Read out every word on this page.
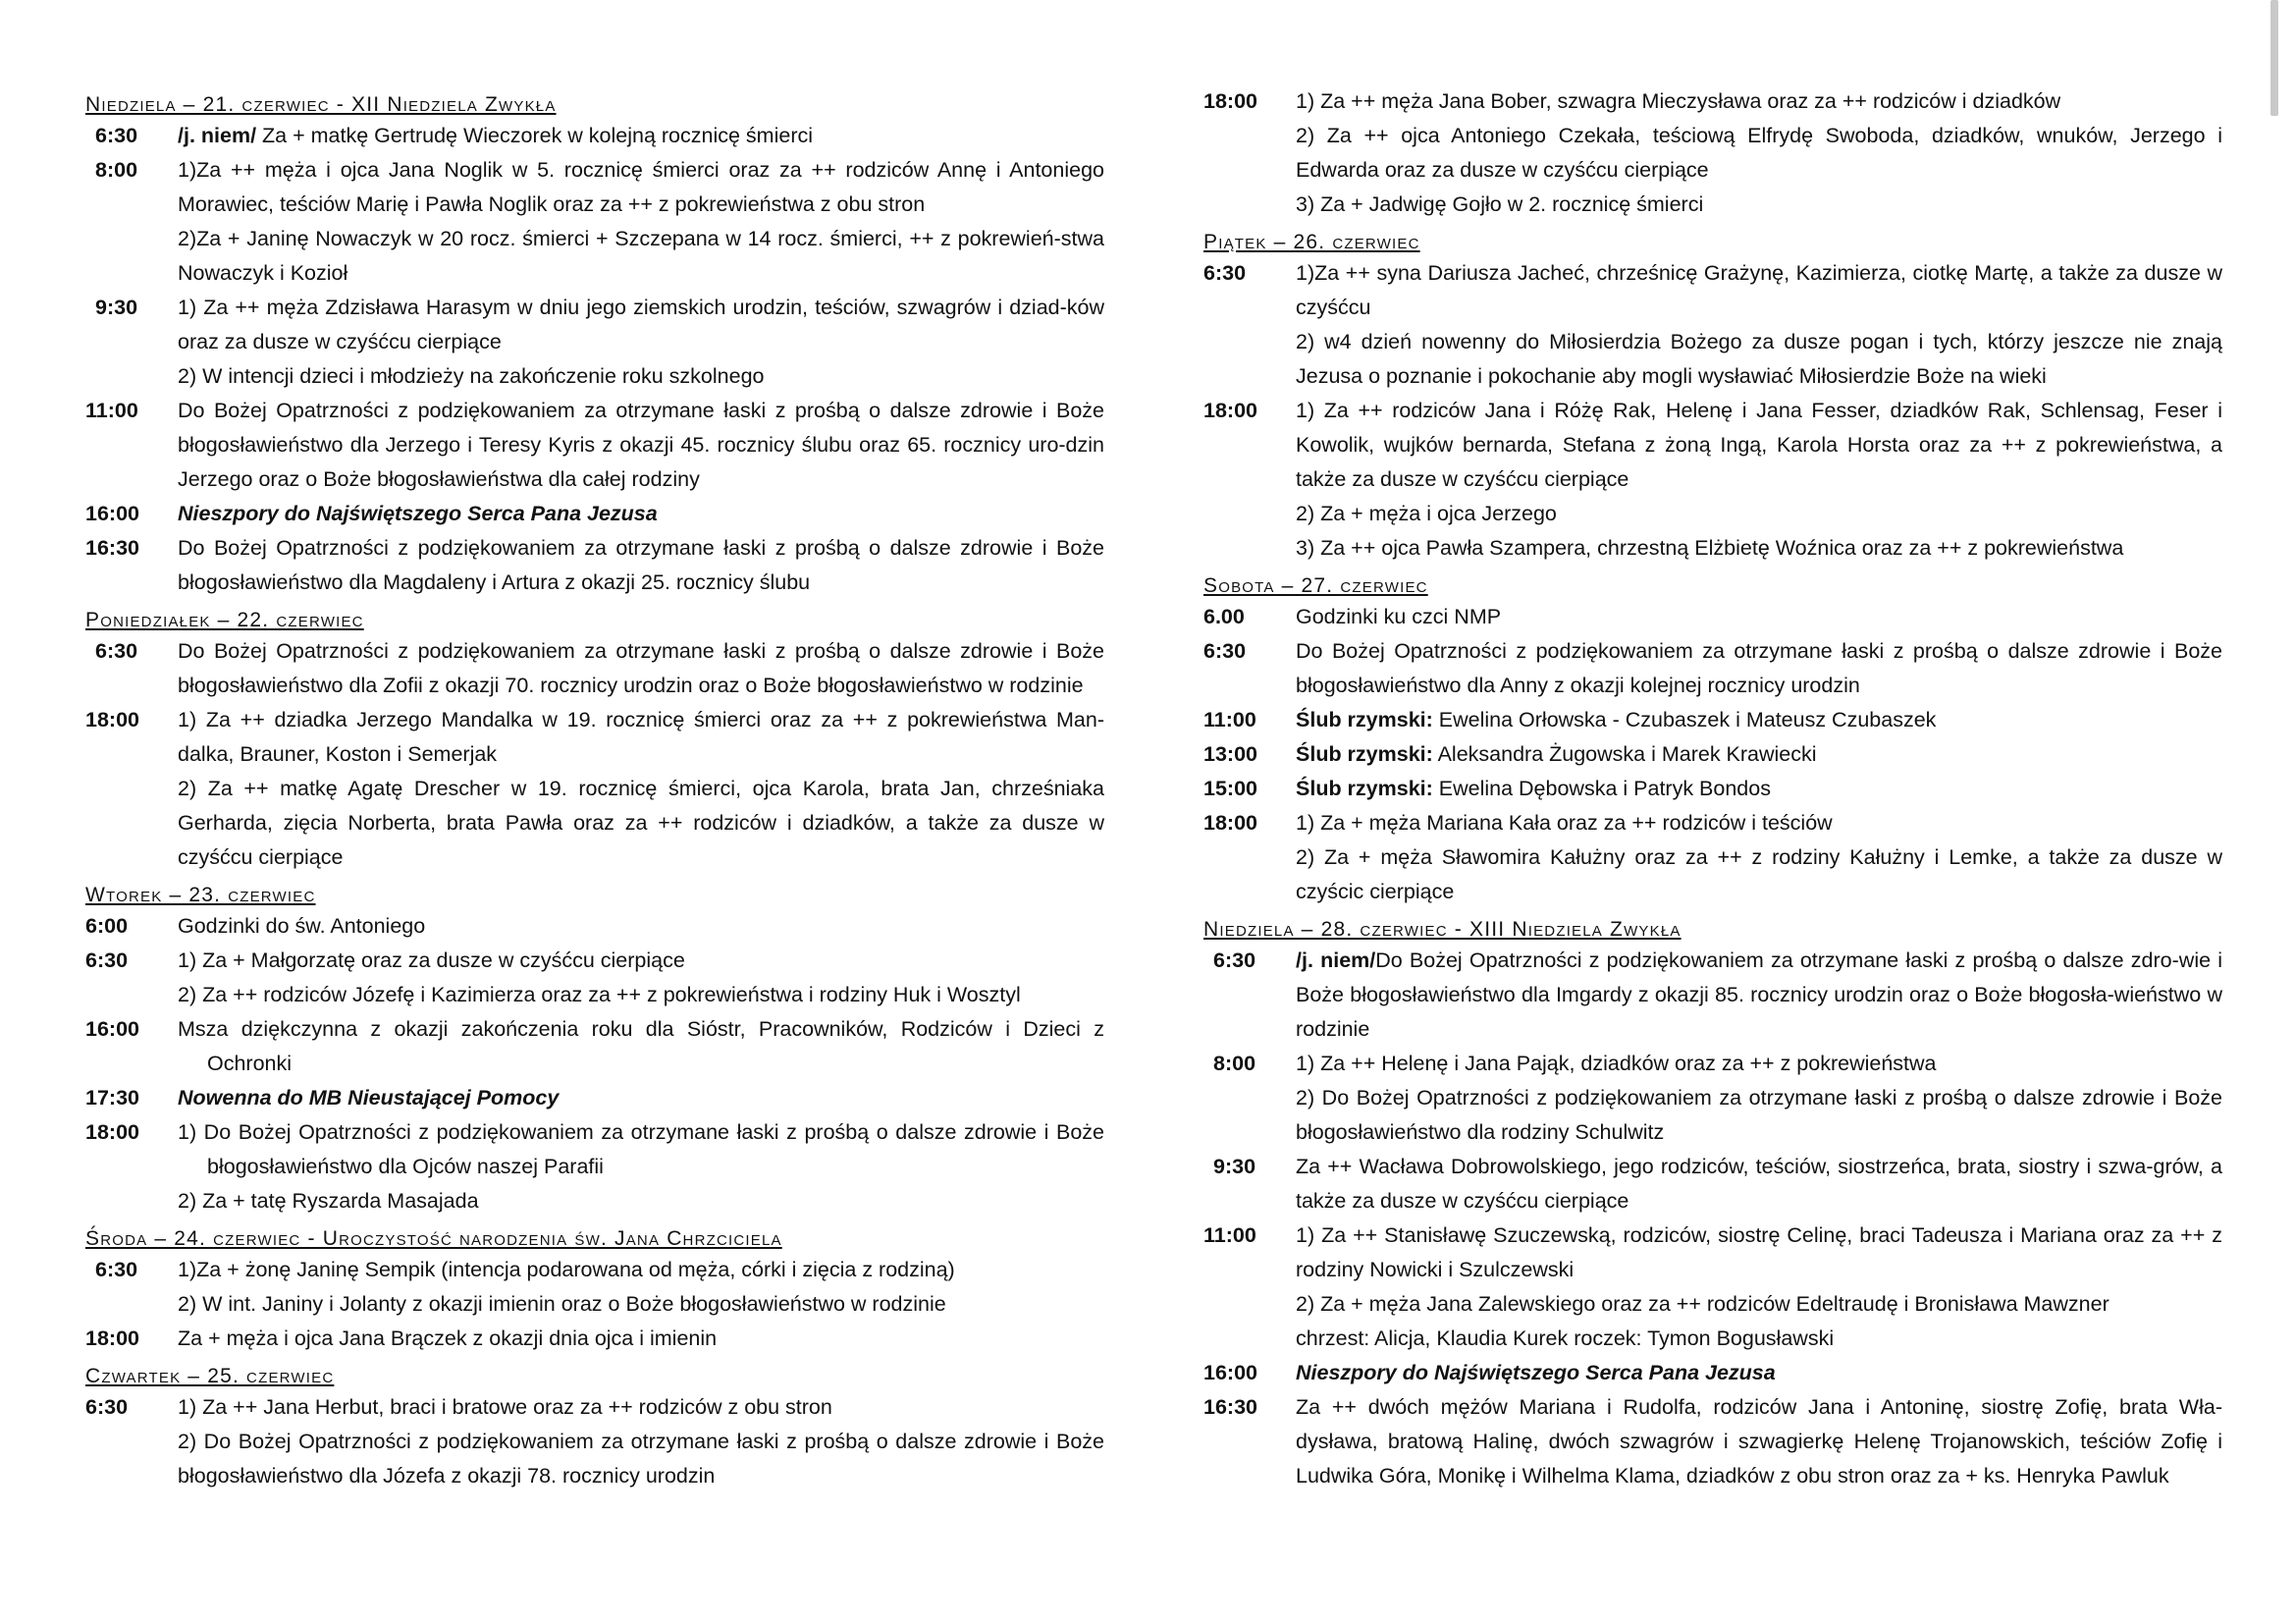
Niedziela – 21. czerwiec - XII Niedziela Zwykła
6:30	/j. niem/ Za + matkę Gertrudę Wieczorek w kolejną rocznicę śmierci

8:00	1)Za ++ męża i ojca Jana Noglik w 5. rocznicę śmierci oraz za ++ rodziców Annę i Antoniego Morawiec, teściów Marię i Pawła Noglik oraz za ++ z pokrewieństwa z obu stron

2)Za + Janinę Nowaczyk w 20 rocz. śmierci + Szczepana w 14 rocz. śmierci, ++ z pokrewień-stwa Nowaczyk i Kozioł

9:30	1) Za ++ męża Zdzisława Harasym w dniu jego ziemskich urodzin, teściów, szwagrów i dziad-ków oraz za dusze w czyśćcu cierpiące

2) W intencji dzieci i młodzieży na zakończenie roku szkolnego

11:00	Do Bożej Opatrzności z podziękowaniem za otrzymane łaski z prośbą o dalsze zdrowie i Boże błogosławieństwo dla Jerzego i Teresy Kyris z okazji 45. rocznicy ślubu oraz 65. rocznicy uro-dzin Jerzego oraz o Boże błogosławieństwa dla całej rodziny

16:00	Nieszpory do Najświętszego Serca Pana Jezusa

16:30	Do Bożej Opatrzności z podziękowaniem za otrzymane łaski z prośbą o dalsze zdrowie i Boże błogosławieństwo dla Magdaleny i Artura z okazji 25. rocznicy ślubu

Poniedziałek – 22. czerwiec
6:30	Do Bożej Opatrzności z podziękowaniem za otrzymane łaski z prośbą o dalsze zdrowie i Boże błogosławieństwo dla Zofii z okazji 70. rocznicy urodzin oraz o Boże błogosławieństwo w rodzinie

18:00	1) Za ++ dziadka Jerzego Mandalka w 19. rocznicę śmierci oraz za ++ z pokrewieństwa Man-dalka, Brauner, Koston i Semerjak

2) Za ++ matkę Agatę Drescher w 19. rocznicę śmierci, ojca Karola, brata Jan, chrześniaka Gerharda, zięcia Norberta, brata Pawła oraz za ++ rodziców i dziadków, a także za dusze w czyśćcu cierpiące

Wtorek – 23. czerwiec
6:00	Godzinki do św. Antoniego

6:30	1) Za + Małgorzatę oraz za dusze w czyśćcu cierpiące

2) Za ++ rodziców Józefę i Kazimierza oraz za ++ z pokrewieństwa i rodziny Huk i Wosztyl

16:00	Msza dziękczynna z okazji zakończenia roku dla Sióstr, Pracowników, Rodziców i Dzieci z Ochronki

17:30	Nowenna do MB Nieustającej Pomocy

18:00	1) Do Bożej Opatrzności z podziękowaniem za otrzymane łaski z prośbą o dalsze zdrowie i Boże błogosławieństwo dla Ojców naszej Parafii

2) Za + tatę Ryszarda Masajada

Środa – 24. czerwiec - Uroczystość narodzenia św. Jana Chrzciciela
6:30	1)Za + żonę Janinę Sempik (intencja podarowana od męża, córki i zięcia z rodziną)

2) W int. Janiny i Jolanty z okazji imienin oraz o Boże błogosławieństwo w rodzinie

18:00	Za + męża i ojca Jana Brączek z okazji dnia ojca i imienin

Czwartek – 25. czerwiec
6:30	1) Za ++ Jana Herbut, braci i bratowe oraz za ++ rodziców z obu stron

2) Do Bożej Opatrzności z podziękowaniem za otrzymane łaski z prośbą o dalsze zdrowie i Boże błogosławieństwo dla Józefa z okazji 78. rocznicy urodzin

18:00	1) Za ++ męża Jana Bober, szwagra Mieczysława oraz za ++ rodziców i dziadków

2) Za ++ ojca Antoniego Czekała, teściową Elfrydę Swoboda, dziadków, wnuków, Jerzego i Edwarda oraz za dusze w czyśćcu cierpiące

3) Za + Jadwigę Gojło w 2. rocznicę śmierci

Piątek – 26. czerwiec
6:30	1)Za ++ syna Dariusza Jacheć, chrześnicę Grażynę, Kazimierza, ciotkę Martę, a także za dusze w czyśćcu

2) w4 dzień nowenny do Miłosierdzia Bożego za dusze pogan i tych, którzy jeszcze nie znają Jezusa o poznanie i pokochanie aby mogli wysławiać Miłosierdzie Boże na wieki

18:00	1) Za ++ rodziców Jana i Różę Rak, Helenę i Jana Fesser, dziadków Rak, Schlensag, Feser i Kowolik, wujków bernarda, Stefana z żoną Ingą, Karola Horsta oraz za ++ z pokrewieństwa, a także za dusze w czyśćcu cierpiące

2) Za + męża i ojca Jerzego

3) Za ++ ojca Pawła Szampera, chrzestną Elżbietę Woźnica oraz za ++ z pokrewieństwa

Sobota – 27. czerwiec
6.00	Godzinki ku czci NMP

6:30	Do Bożej Opatrzności z podziękowaniem za otrzymane łaski z prośbą o dalsze zdrowie i Boże błogosławieństwo dla Anny z okazji kolejnej rocznicy urodzin

11:00	Ślub rzymski: Ewelina Orłowska - Czubaszek i Mateusz Czubaszek

13:00	Ślub rzymski: Aleksandra Żugowska i Marek Krawiecki

15:00	Ślub rzymski: Ewelina Dębowska i Patryk Bondos

18:00	1) Za + męża Mariana Kała oraz za ++ rodziców i teściów

2) Za + męża Sławomira Kałużny oraz za ++ z rodziny Kałużny i Lemke, a także za dusze w czyścic cierpiące

Niedziela – 28. czerwiec - XIII Niedziela Zwykła
6:30	/j. niem/Do Bożej Opatrzności z podziękowaniem za otrzymane łaski z prośbą o dalsze zdro-wie i Boże błogosławieństwo dla Imgardy z okazji 85. rocznicy urodzin oraz o Boże błogosła-wieństwo w rodzinie

8:00	1) Za ++ Helenę i Jana Pająk, dziadków oraz za ++ z pokrewieństwa

2) Do Bożej Opatrzności z podziękowaniem za otrzymane łaski z prośbą o dalsze zdrowie i Boże błogosławieństwo dla rodziny Schulwitz

9:30	Za ++ Wacława Dobrowolskiego, jego rodziców, teściów, siostrzeńca, brata, siostry i szwa-grów, a także za dusze w czyśćcu cierpiące

11:00	1) Za ++ Stanisławę Szuczewską, rodziców, siostrę Celinę, braci Tadeusza i Mariana oraz za ++ z rodziny Nowicki i Szulczewski

2) Za + męża Jana Zalewskiego oraz za ++ rodziców Edeltraudę i Bronisława Mawzner

chrzest: Alicja, Klaudia Kurek roczek: Tymon Bogusławski

16:00	Nieszpory do Najświętszego Serca Pana Jezusa

16:30	Za ++ dwóch mężów Mariana i Rudolfa, rodziców Jana i Antoninę, siostrę Zofię, brata Wła-dysława, bratową Halinę, dwóch szwagrów i szwagierkę Helenę Trojanowskich, teściów Zofię i Ludwika Góra, Monikę i Wilhelma Klama, dziadków z obu stron oraz za + ks. Henryka Pawluk
